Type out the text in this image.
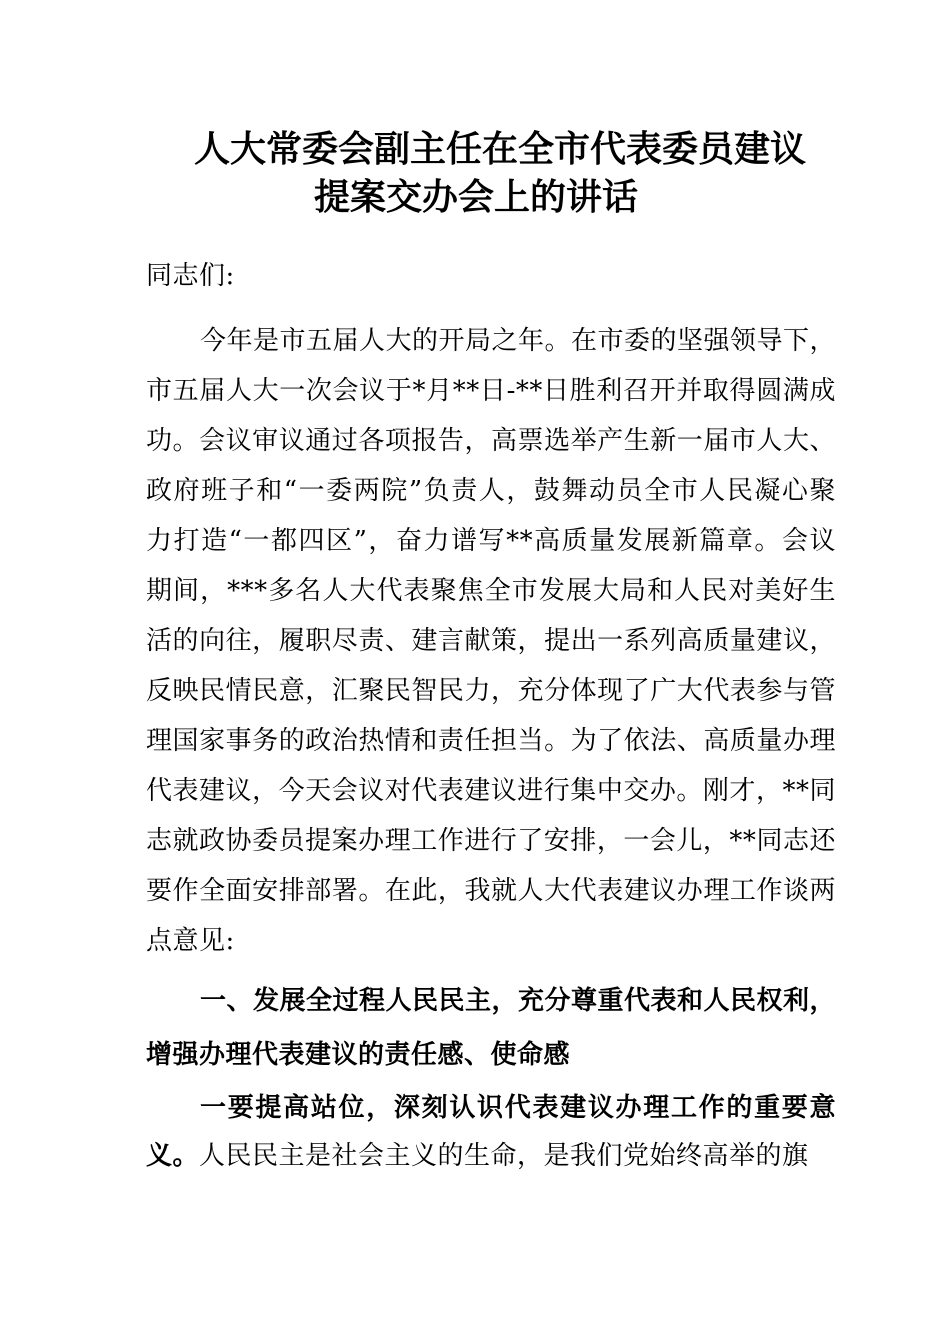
人大常委会副主任在全市代表委员建议
提案交办会上的讲话
同志们:
今年是市五届人大的开局之年。在市委的坚强领导下，市五届人大一次会议于*月**日-**日胜利召开并取得圆满成功。会议审议通过各项报告，高票选举产生新一届市人大、政府班子和“一委两院”负责人，鼓舞动员全市人民凝心聚力打造“一都四区”，奋力谱写**高质量发展新篇章。会议期间，***多名人大代表聚焦全市发展大局和人民对美好生活的向往，履职尽责、建言献策，提出一系列高质量建议，反映民情民意，汇聚民智民力，充分体现了广大代表参与管理国家事务的政治热情和责任担当。为了依法、高质量办理代表建议，今天会议对代表建议进行集中交办。刚才，**同志就政协委员提案办理工作进行了安排，一会儿，**同志还要作全面安排部署。在此，我就人大代表建议办理工作谈两点意见:
一、发展全过程人民民主，充分尊重代表和人民权利，增强办理代表建议的责任感、使命感
一要提高站位，深刻认识代表建议办理工作的重要意义。人民民主是社会主义的生命，是我们党始终高举的旗
